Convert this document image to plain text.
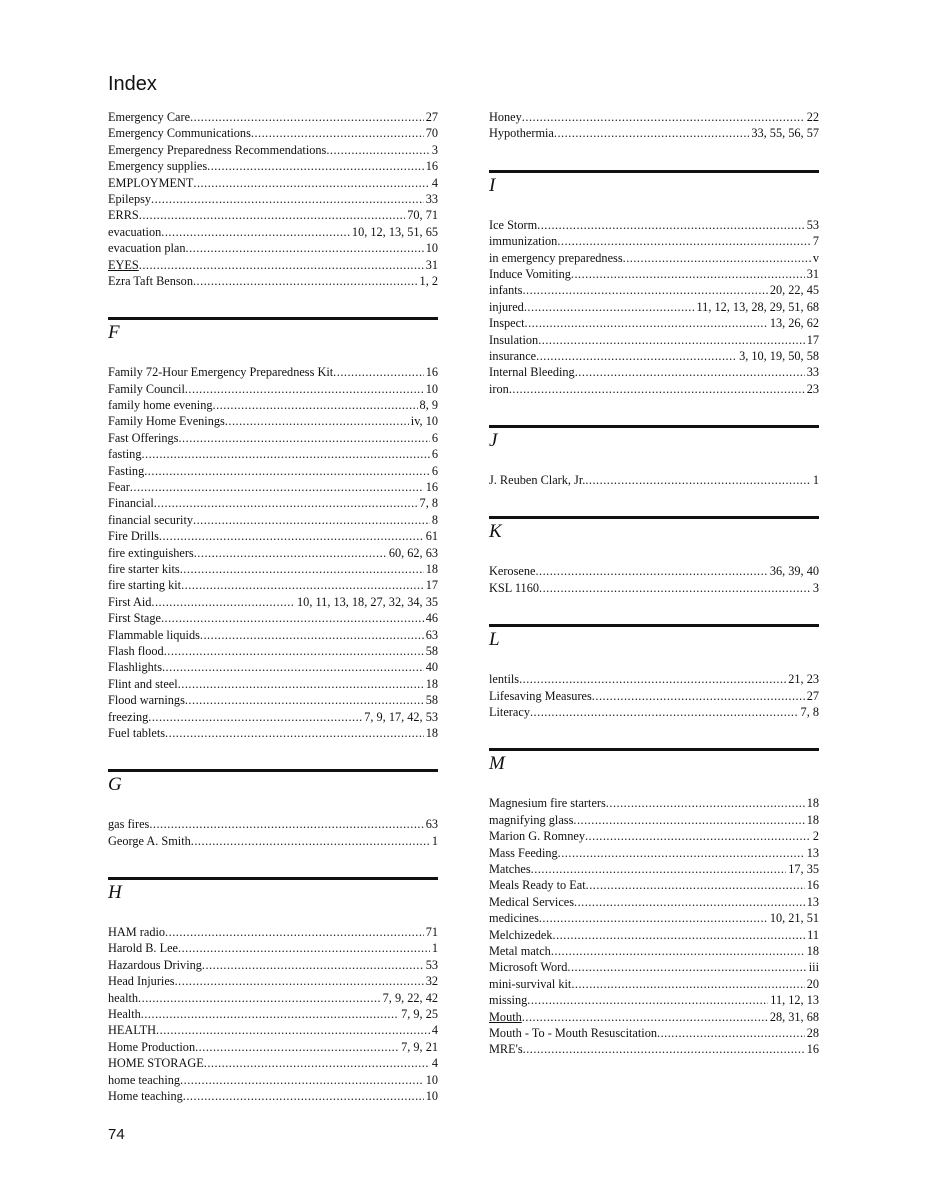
Index
Emergency Care .....	27
Emergency Communications .....	70
Emergency Preparedness Recommendations .....	3
Emergency supplies .....	16
EMPLOYMENT .....	4
Epilepsy .....	33
ERRS .....	70, 71
evacuation .....	10, 12, 13, 51, 65
evacuation plan .....	10
EYES .....	31
Ezra Taft Benson .....	1, 2
F
Family 72-Hour Emergency Preparedness Kit .....	16
Family Council .....	10
family home evening .....	8, 9
Family Home Evenings .....	iv, 10
Fast Offerings .....	6
fasting .....	6
Fasting .....	6
Fear .....	16
Financial .....	7, 8
financial security .....	8
Fire Drills .....	61
fire extinguishers .....	60, 62, 63
fire starter kits .....	18
fire starting kit .....	17
First Aid .....	10, 11, 13, 18, 27, 32, 34, 35
First Stage .....	46
Flammable liquids .....	63
Flash flood .....	58
Flashlights .....	40
Flint and steel .....	18
Flood warnings .....	58
freezing .....	7, 9, 17, 42, 53
Fuel tablets .....	18
G
gas fires .....	63
George A. Smith .....	1
H
HAM radio .....	71
Harold B. Lee .....	1
Hazardous Driving .....	53
Head Injuries .....	32
health .....	7, 9, 22, 42
Health .....	7, 9, 25
HEALTH .....	4
Home Production .....	7, 9, 21
HOME STORAGE .....	4
home teaching .....	10
Home teaching .....	10
Honey .....	22
Hypothermia .....	33, 55, 56, 57
I
Ice Storm .....	53
immunization .....	7
in emergency preparedness .....	v
Induce Vomiting .....	31
infants .....	20, 22, 45
injured .....	11, 12, 13, 28, 29, 51, 68
Inspect .....	13, 26, 62
Insulation .....	17
insurance .....	3, 10, 19, 50, 58
Internal Bleeding .....	33
iron .....	23
J
J. Reuben Clark, Jr. .....	1
K
Kerosene .....	36, 39, 40
KSL 1160 .....	3
L
lentils .....	21, 23
Lifesaving Measures .....	27
Literacy .....	7, 8
M
Magnesium fire starters .....	18
magnifying glass .....	18
Marion G. Romney .....	2
Mass Feeding .....	13
Matches .....	17, 35
Meals Ready to Eat .....	16
Medical Services .....	13
medicines .....	10, 21, 51
Melchizedek .....	11
Metal match .....	18
Microsoft Word .....	iii
mini-survival kit .....	20
missing .....	11, 12, 13
Mouth .....	28, 31, 68
Mouth - To - Mouth Resuscitation .....	28
MRE's .....	16
74
